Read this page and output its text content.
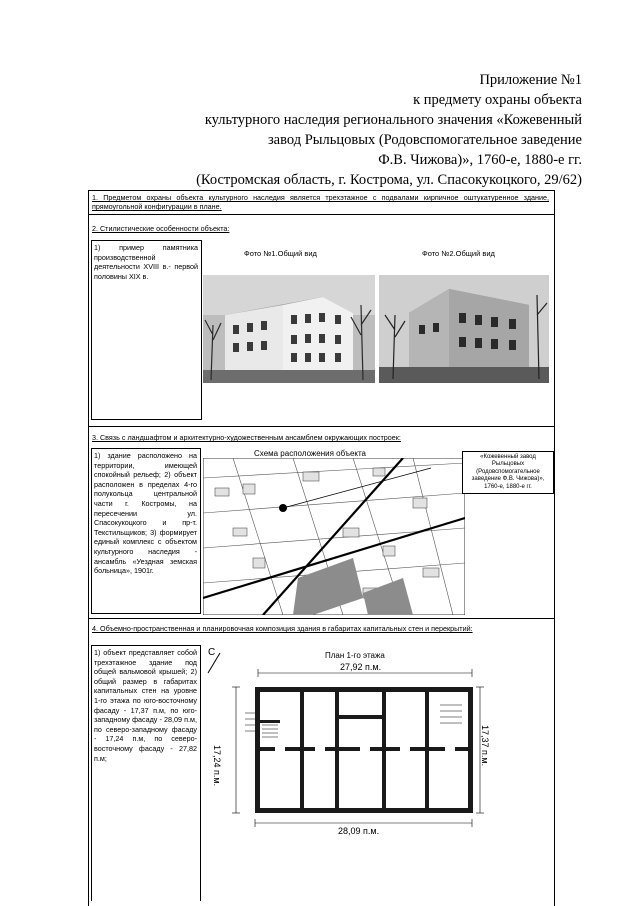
Приложение №1
к предмету охраны объекта
культурного наследия регионального значения «Кожевенный
завод Рыльцовых (Родовспомогательное заведение
Ф.В. Чижова)», 1760-е, 1880-е гг.
(Костромская область, г. Кострома, ул. Спасокукоцкого, 29/62)
1. Предметом охраны объекта культурного наследия является трехэтажное с подвалами кирпичное оштукатуренное здание, прямоугольной конфигурации в плане.
2. Стилистические особенности объекта:
1) пример памятника производственной деятельности XVIII в.- первой половины XIX в.
Фото №1.Общий вид	Фото №2.Общий вид
3. Связь с ландшафтом и архитектурно-художественным ансамблем окружающих построек:
1) здание расположено на территории, имеющей спокойный рельеф; 2) объект расположен в пределах 4-го полукольца центральной части г. Костромы, на пересечении ул. Спасокукоцкого и пр-т. Текстильщиков; 3) формирует единый комплекс с объектом культурного наследия - ансамбль «Уездная земская больница», 1901г.
Схема расположения объекта	«Кожевенный завод Рыльцовых (Родовспомогательное заведение Ф.В. Чижова)», 1760-е, 1880-е гг.
4. Объемно-пространственная и планировочная композиция здания в габаритах капитальных стен и перекрытий:
1) объект представляет собой трехэтажное здание под общей вальмовой крышей; 2) общий размер в габаритах капитальных стен на уровне 1-го этажа по юго-восточному фасаду - 17,37 п.м, по юго-западному фасаду - 28,09 п.м, по северо-западному фасаду - 17,24 п.м, по северо-восточному фасаду - 27,82 п.м;
План 1-го этажа
С
27,92 п.м.
28,09 п.м.
17,24 п.м.	17,37 п.м.
